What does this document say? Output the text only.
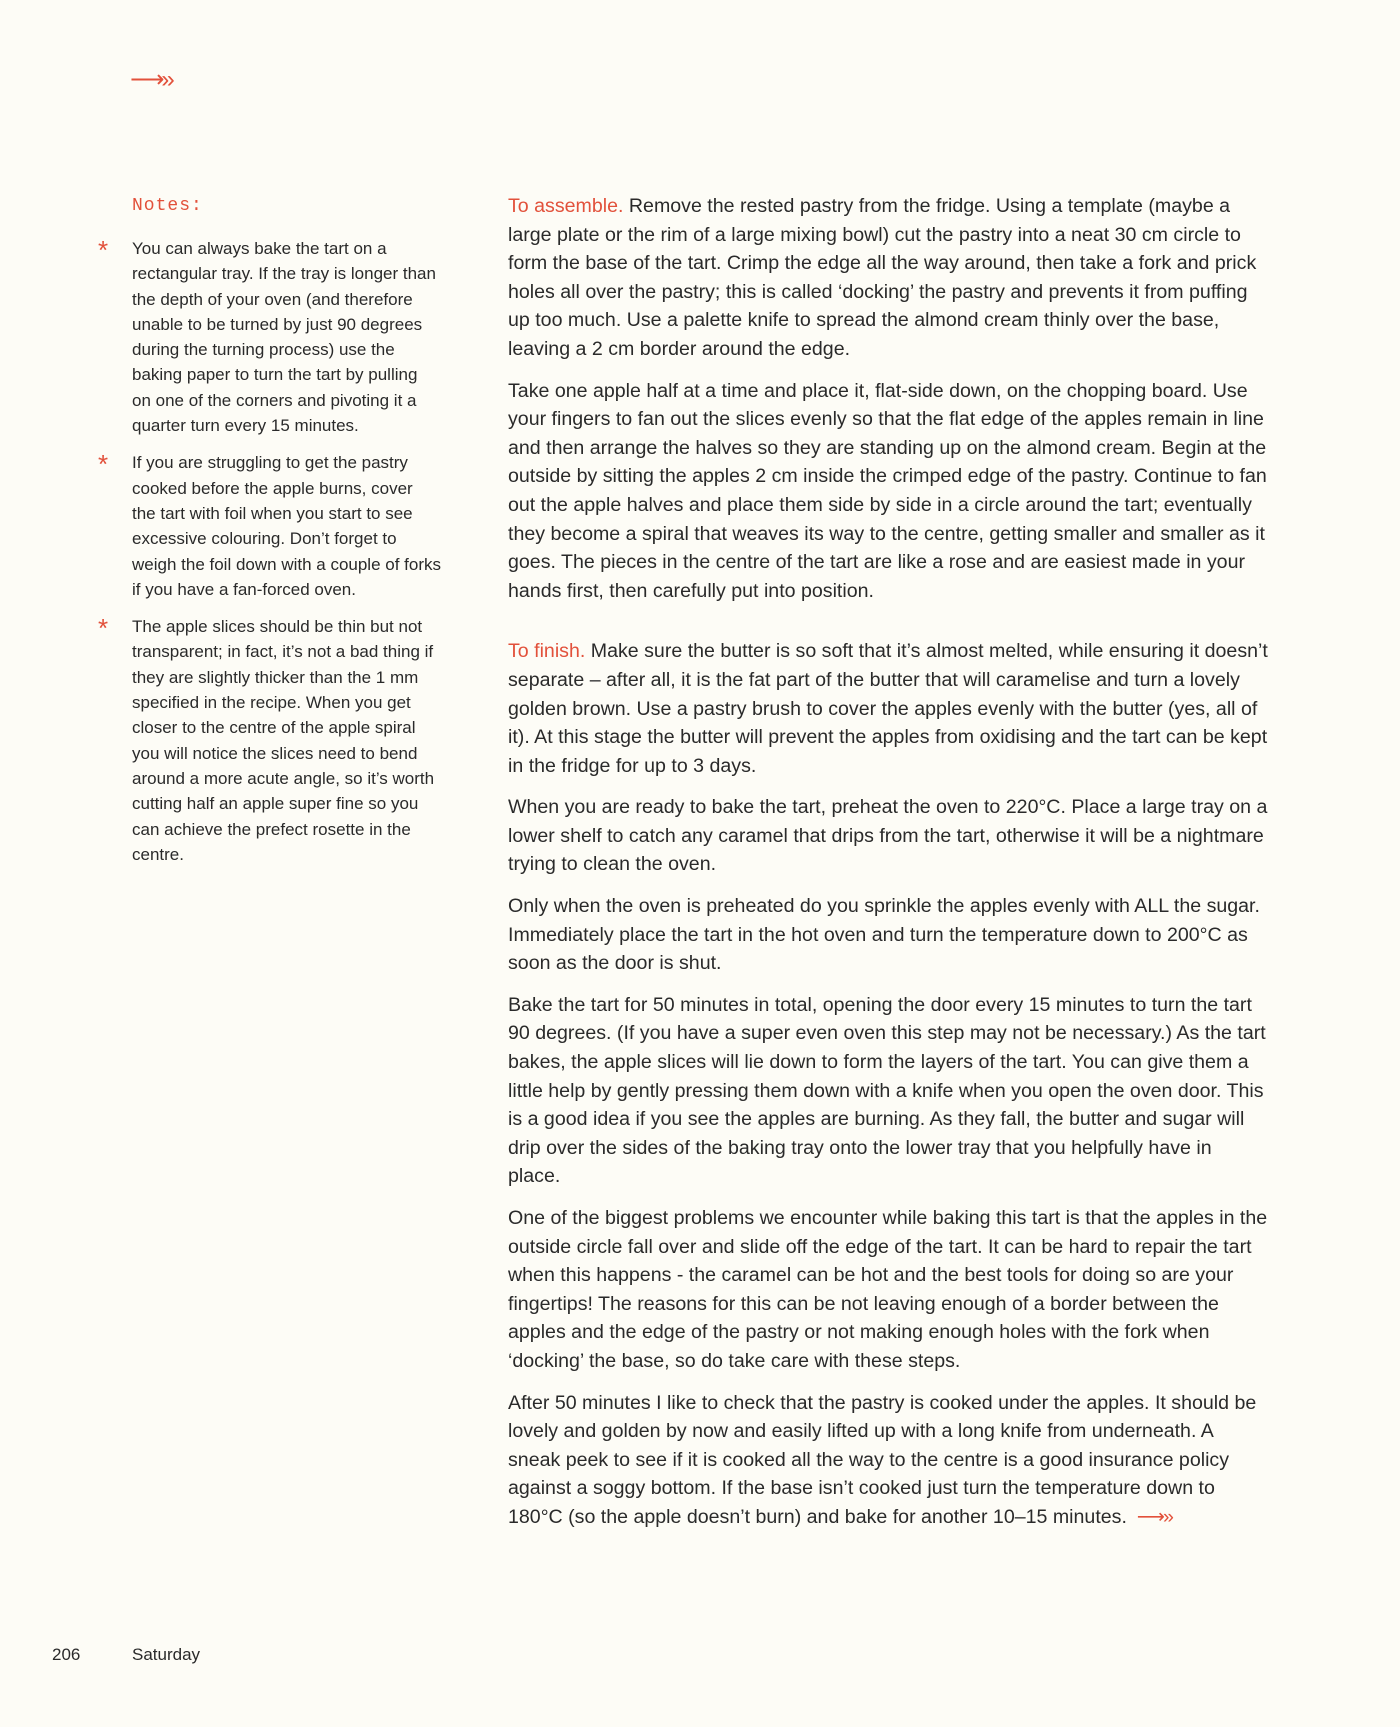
⟶»
Notes:
* You can always bake the tart on a rectangular tray. If the tray is longer than the depth of your oven (and therefore unable to be turned by just 90 degrees during the turning process) use the baking paper to turn the tart by pulling on one of the corners and pivoting it a quarter turn every 15 minutes.
* If you are struggling to get the pastry cooked before the apple burns, cover the tart with foil when you start to see excessive colouring. Don’t forget to weigh the foil down with a couple of forks if you have a fan-forced oven.
* The apple slices should be thin but not transparent; in fact, it’s not a bad thing if they are slightly thicker than the 1 mm specified in the recipe. When you get closer to the centre of the apple spiral you will notice the slices need to bend around a more acute angle, so it’s worth cutting half an apple super fine so you can achieve the prefect rosette in the centre.

To assemble. Remove the rested pastry from the fridge. Using a template (maybe a large plate or the rim of a large mixing bowl) cut the pastry into a neat 30 cm circle to form the base of the tart. Crimp the edge all the way around, then take a fork and prick holes all over the pastry; this is called ‘docking’ the pastry and prevents it from puffing up too much. Use a palette knife to spread the almond cream thinly over the base, leaving a 2 cm border around the edge.

Take one apple half at a time and place it, flat-side down, on the chopping board. Use your fingers to fan out the slices evenly so that the flat edge of the apples remain in line and then arrange the halves so they are standing up on the almond cream. Begin at the outside by sitting the apples 2 cm inside the crimped edge of the pastry. Continue to fan out the apple halves and place them side by side in a circle around the tart; eventually they become a spiral that weaves its way to the centre, getting smaller and smaller as it goes. The pieces in the centre of the tart are like a rose and are easiest made in your hands first, then carefully put into position.

To finish. Make sure the butter is so soft that it’s almost melted, while ensuring it doesn’t separate – after all, it is the fat part of the butter that will caramelise and turn a lovely golden brown. Use a pastry brush to cover the apples evenly with the butter (yes, all of it). At this stage the butter will prevent the apples from oxidising and the tart can be kept in the fridge for up to 3 days.

When you are ready to bake the tart, preheat the oven to 220°C. Place a large tray on a lower shelf to catch any caramel that drips from the tart, otherwise it will be a nightmare trying to clean the oven.

Only when the oven is preheated do you sprinkle the apples evenly with ALL the sugar. Immediately place the tart in the hot oven and turn the temperature down to 200°C as soon as the door is shut.

Bake the tart for 50 minutes in total, opening the door every 15 minutes to turn the tart 90 degrees. (If you have a super even oven this step may not be necessary.) As the tart bakes, the apple slices will lie down to form the layers of the tart. You can give them a little help by gently pressing them down with a knife when you open the oven door. This is a good idea if you see the apples are burning. As they fall, the butter and sugar will drip over the sides of the baking tray onto the lower tray that you helpfully have in place.

One of the biggest problems we encounter while baking this tart is that the apples in the outside circle fall over and slide off the edge of the tart. It can be hard to repair the tart when this happens - the caramel can be hot and the best tools for doing so are your fingertips! The reasons for this can be not leaving enough of a border between the apples and the edge of the pastry or not making enough holes with the fork when ‘docking’ the base, so do take care with these steps.

After 50 minutes I like to check that the pastry is cooked under the apples. It should be lovely and golden by now and easily lifted up with a long knife from underneath. A sneak peek to see if it is cooked all the way to the centre is a good insurance policy against a soggy bottom. If the base isn’t cooked just turn the temperature down to 180°C (so the apple doesn’t burn) and bake for another 10–15 minutes. ⟶»

206	Saturday
